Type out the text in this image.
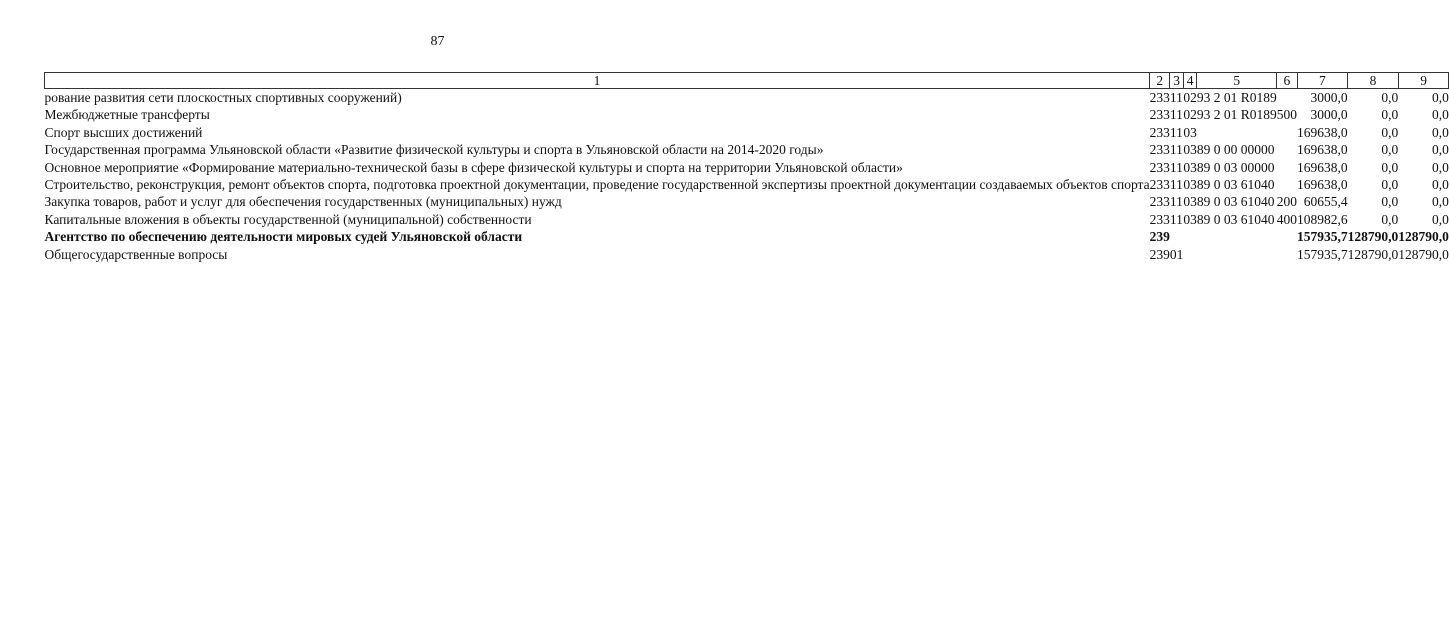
87
1	2	3	4	5	6	7	8	9
рование развития сети плоскостных спортивных сооружений)	233	11	02	93 2 01 R0189		3000,0	0,0	0,0
Межбюджетные трансферты	233	11	02	93 2 01 R0189	500	3000,0	0,0	0,0
Спорт высших достижений	233	11	03			169638,0	0,0	0,0
Государственная программа Ульяновской области «Развитие физической культуры и спорта в Ульяновской области на 2014-2020 годы»	233	11	03	89 0 00 00000		169638,0	0,0	0,0
Основное мероприятие «Формирование материально-технической базы в сфере физической культуры и спорта на территории Ульяновской области»	233	11	03	89 0 03 00000		169638,0	0,0	0,0
Строительство, реконструкция, ремонт объектов спорта, подготовка проектной документации, проведение государственной экспертизы проектной документации создаваемых объектов спорта	233	11	03	89 0 03 61040		169638,0	0,0	0,0
Закупка товаров, работ и услуг для обеспечения государственных (муниципальных) нужд	233	11	03	89 0 03 61040	200	60655,4	0,0	0,0
Капитальные вложения в объекты государственной (муниципальной) собственности	233	11	03	89 0 03 61040	400	108982,6	0,0	0,0
Агентство по обеспечению деятельности мировых судей Ульяновской области	239					157935,7	128790,0	128790,0
Общегосударственные вопросы	239	01				157935,7	128790,0	128790,0
